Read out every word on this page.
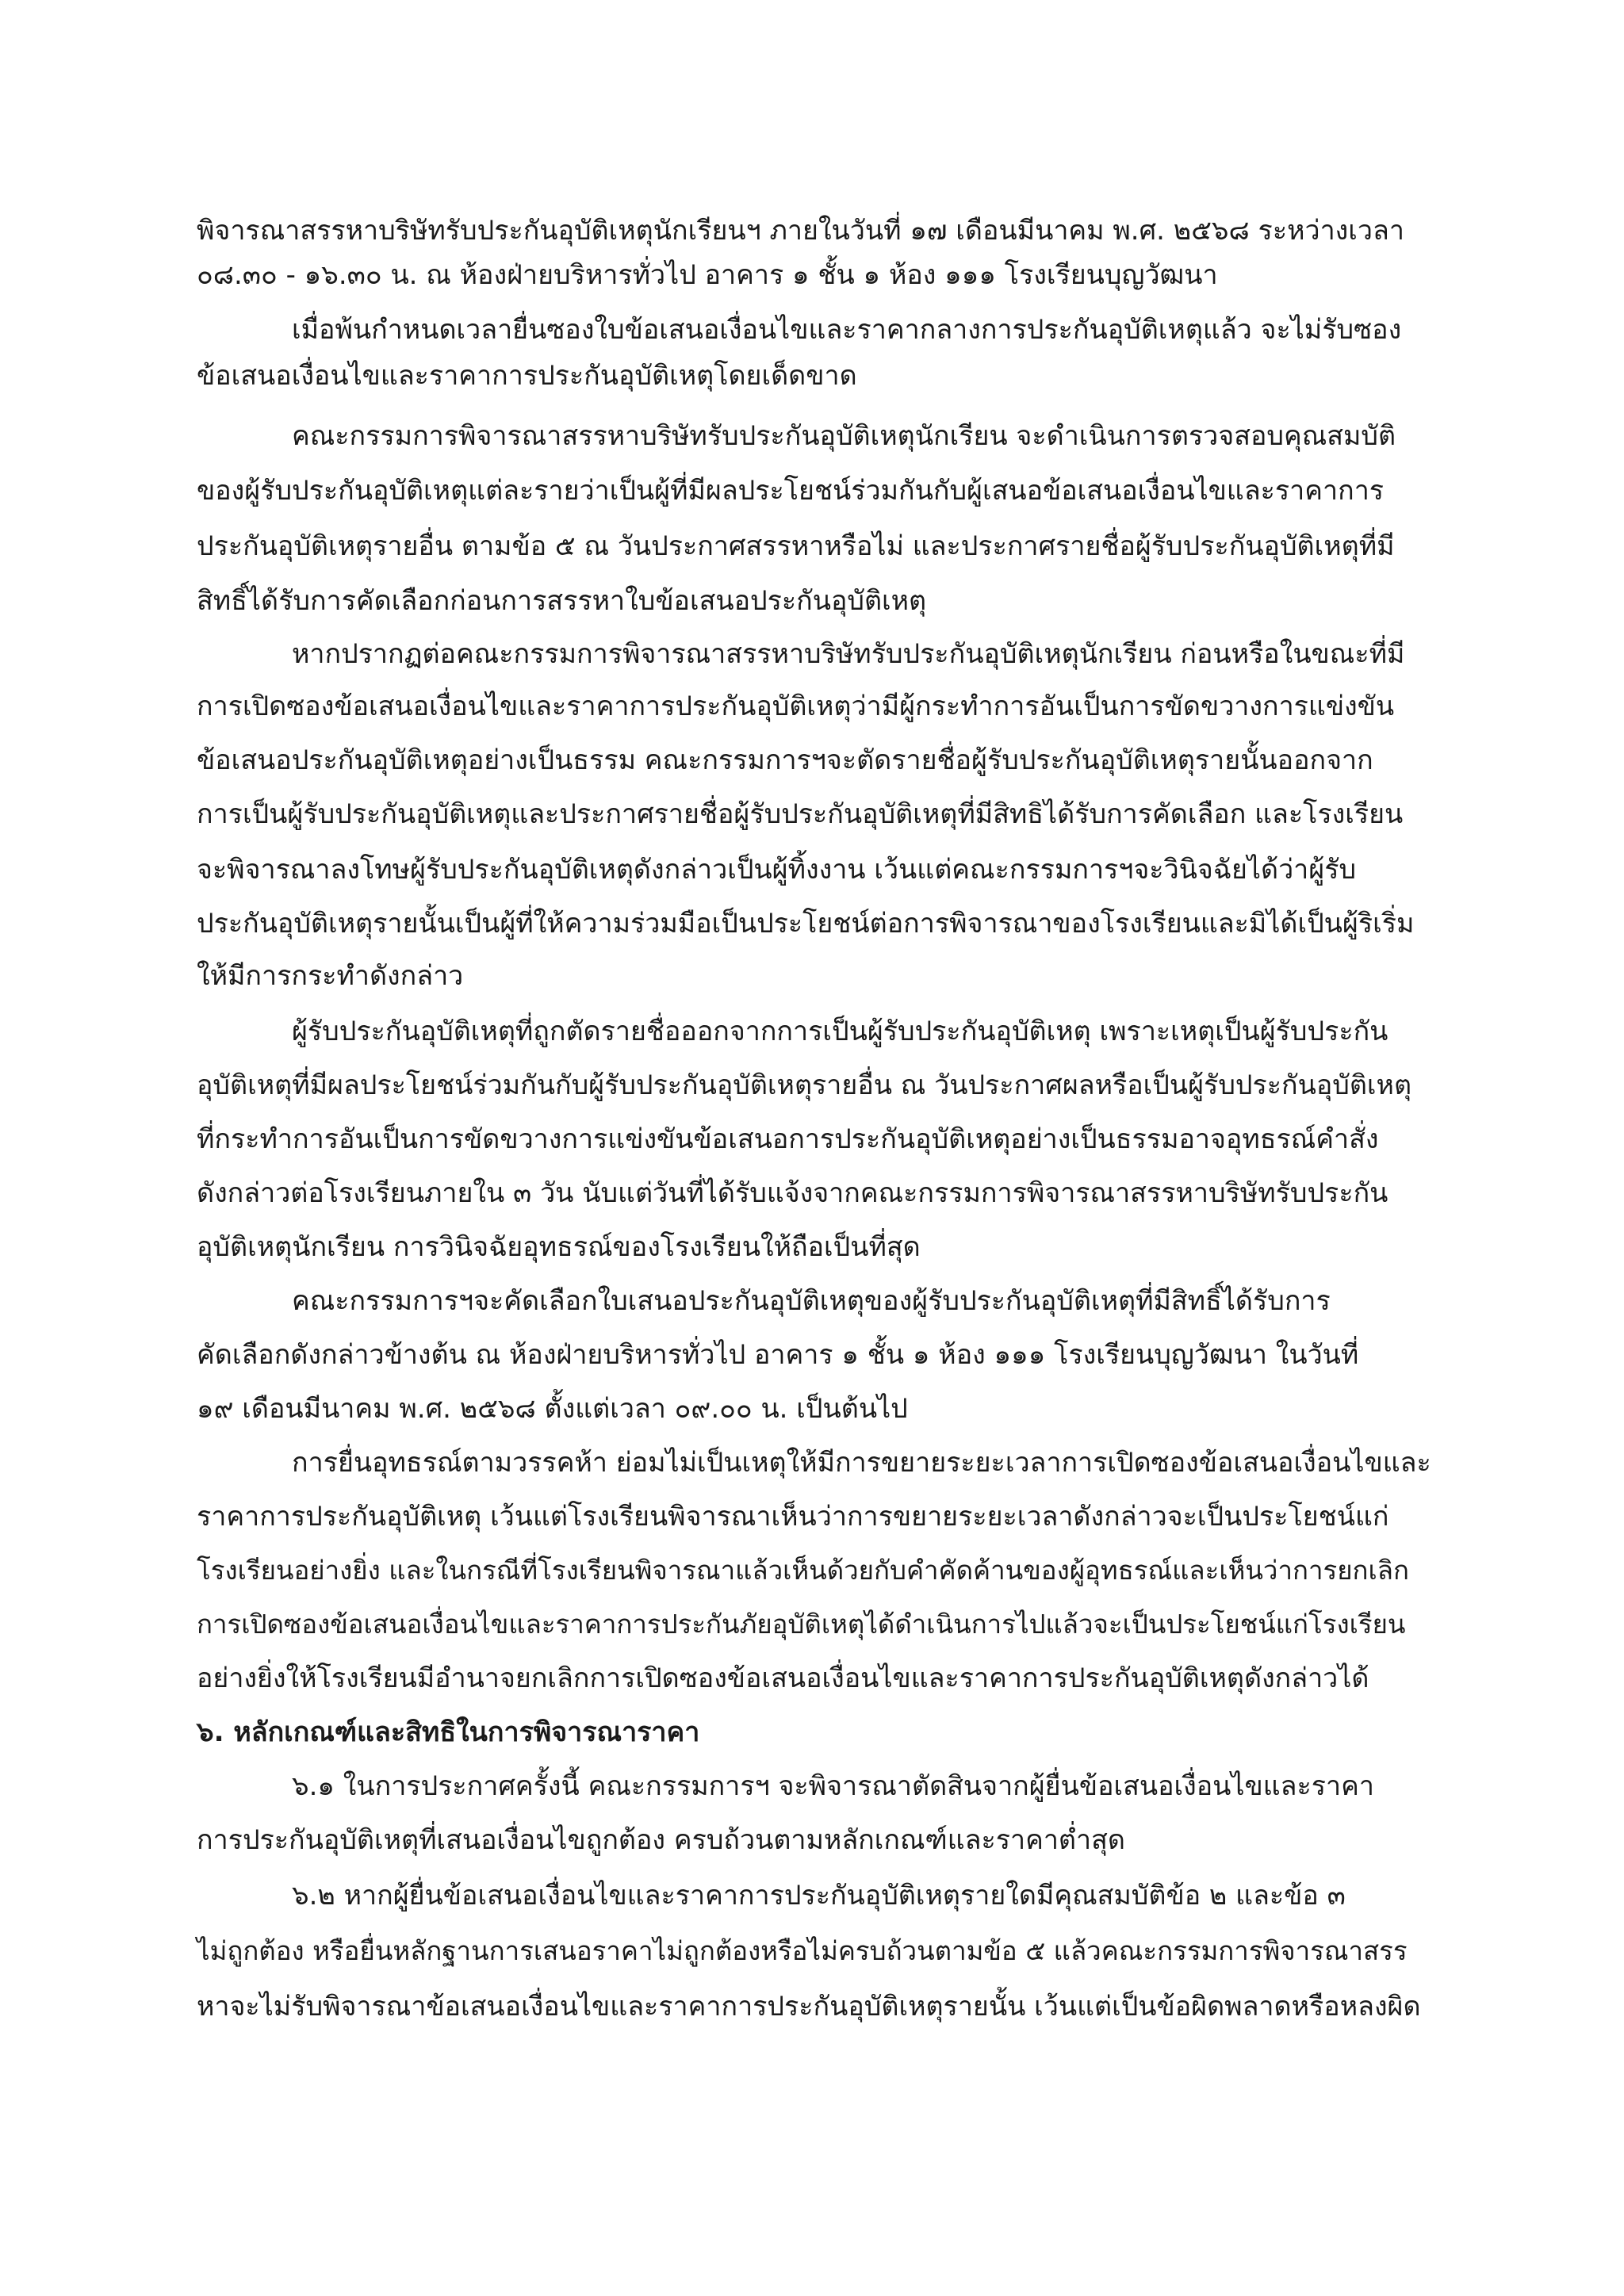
พิจารณาสรรหาบริษัทรับประกันอุบัติเหตุนักเรียนฯ ภายในวันที่ ๑๗ เดือนมีนาคม พ.ศ. ๒๕๖๘ ระหว่างเวลา
๐๘.๓๐ - ๑๖.๓๐ น. ณ ห้องฝ่ายบริหารทั่วไป อาคาร ๑ ชั้น ๑ ห้อง ๑๑๑ โรงเรียนบุญวัฒนา
เมื่อพ้นกำหนดเวลายื่นซองใบข้อเสนอเงื่อนไขและราคากลางการประกันอุบัติเหตุแล้ว จะไม่รับซอง
ข้อเสนอเงื่อนไขและราคาการประกันอุบัติเหตุโดยเด็ดขาด
คณะกรรมการพิจารณาสรรหาบริษัทรับประกันอุบัติเหตุนักเรียน จะดำเนินการตรวจสอบคุณสมบัติ
ของผู้รับประกันอุบัติเหตุแต่ละรายว่าเป็นผู้ที่มีผลประโยชน์ร่วมกันกับผู้เสนอข้อเสนอเงื่อนไขและราคาการ
ประกันอุบัติเหตุรายอื่น ตามข้อ ๕ ณ วันประกาศสรรหาหรือไม่ และประกาศรายชื่อผู้รับประกันอุบัติเหตุที่มี
สิทธิ์ได้รับการคัดเลือกก่อนการสรรหาใบข้อเสนอประกันอุบัติเหตุ
หากปรากฏต่อคณะกรรมการพิจารณาสรรหาบริษัทรับประกันอุบัติเหตุนักเรียน ก่อนหรือในขณะที่มี
การเปิดซองข้อเสนอเงื่อนไขและราคาการประกันอุบัติเหตุว่ามีผู้กระทำการอันเป็นการขัดขวางการแข่งขัน
ข้อเสนอประกันอุบัติเหตุอย่างเป็นธรรม คณะกรรมการฯจะตัดรายชื่อผู้รับประกันอุบัติเหตุรายนั้นออกจาก
การเป็นผู้รับประกันอุบัติเหตุและประกาศรายชื่อผู้รับประกันอุบัติเหตุที่มีสิทธิได้รับการคัดเลือก และโรงเรียน
จะพิจารณาลงโทษผู้รับประกันอุบัติเหตุดังกล่าวเป็นผู้ทิ้งงาน เว้นแต่คณะกรรมการฯจะวินิจฉัยได้ว่าผู้รับ
ประกันอุบัติเหตุรายนั้นเป็นผู้ที่ให้ความร่วมมือเป็นประโยชน์ต่อการพิจารณาของโรงเรียนและมิได้เป็นผู้ริเริ่ม
ให้มีการกระทำดังกล่าว
ผู้รับประกันอุบัติเหตุที่ถูกตัดรายชื่อออกจากการเป็นผู้รับประกันอุบัติเหตุ เพราะเหตุเป็นผู้รับประกัน
อุบัติเหตุที่มีผลประโยชน์ร่วมกันกับผู้รับประกันอุบัติเหตุรายอื่น ณ วันประกาศผลหรือเป็นผู้รับประกันอุบัติเหตุ
ที่กระทำการอันเป็นการขัดขวางการแข่งขันข้อเสนอการประกันอุบัติเหตุอย่างเป็นธรรมอาจอุทธรณ์คำสั่ง
ดังกล่าวต่อโรงเรียนภายใน ๓ วัน นับแต่วันที่ได้รับแจ้งจากคณะกรรมการพิจารณาสรรหาบริษัทรับประกัน
อุบัติเหตุนักเรียน การวินิจฉัยอุทธรณ์ของโรงเรียนให้ถือเป็นที่สุด
คณะกรรมการฯจะคัดเลือกใบเสนอประกันอุบัติเหตุของผู้รับประกันอุบัติเหตุที่มีสิทธิ์ได้รับการ
คัดเลือกดังกล่าวข้างต้น ณ ห้องฝ่ายบริหารทั่วไป อาคาร ๑ ชั้น ๑ ห้อง ๑๑๑ โรงเรียนบุญวัฒนา ในวันที่
๑๙ เดือนมีนาคม พ.ศ. ๒๕๖๘ ตั้งแต่เวลา ๐๙.๐๐ น. เป็นต้นไป
การยื่นอุทธรณ์ตามวรรคห้า ย่อมไม่เป็นเหตุให้มีการขยายระยะเวลาการเปิดซองข้อเสนอเงื่อนไขและ
ราคาการประกันอุบัติเหตุ เว้นแต่โรงเรียนพิจารณาเห็นว่าการขยายระยะเวลาดังกล่าวจะเป็นประโยชน์แก่
โรงเรียนอย่างยิ่ง และในกรณีที่โรงเรียนพิจารณาแล้วเห็นด้วยกับคำคัดค้านของผู้อุทธรณ์และเห็นว่าการยกเลิก
การเปิดซองข้อเสนอเงื่อนไขและราคาการประกันภัยอุบัติเหตุได้ดำเนินการไปแล้วจะเป็นประโยชน์แก่โรงเรียน
อย่างยิ่งให้โรงเรียนมีอำนาจยกเลิกการเปิดซองข้อเสนอเงื่อนไขและราคาการประกันอุบัติเหตุดังกล่าวได้
๖. หลักเกณฑ์และสิทธิในการพิจารณาราคา
๖.๑ ในการประกาศครั้งนี้ คณะกรรมการฯ จะพิจารณาตัดสินจากผู้ยื่นข้อเสนอเงื่อนไขและราคา
การประกันอุบัติเหตุที่เสนอเงื่อนไขถูกต้อง ครบถ้วนตามหลักเกณฑ์และราคาต่ำสุด
๖.๒ หากผู้ยื่นข้อเสนอเงื่อนไขและราคาการประกันอุบัติเหตุรายใดมีคุณสมบัติข้อ ๒ และข้อ ๓
ไม่ถูกต้อง หรือยื่นหลักฐานการเสนอราคาไม่ถูกต้องหรือไม่ครบถ้วนตามข้อ ๕ แล้วคณะกรรมการพิจารณาสรร
หาจะไม่รับพิจารณาข้อเสนอเงื่อนไขและราคาการประกันอุบัติเหตุรายนั้น เว้นแต่เป็นข้อผิดพลาดหรือหลงผิด
